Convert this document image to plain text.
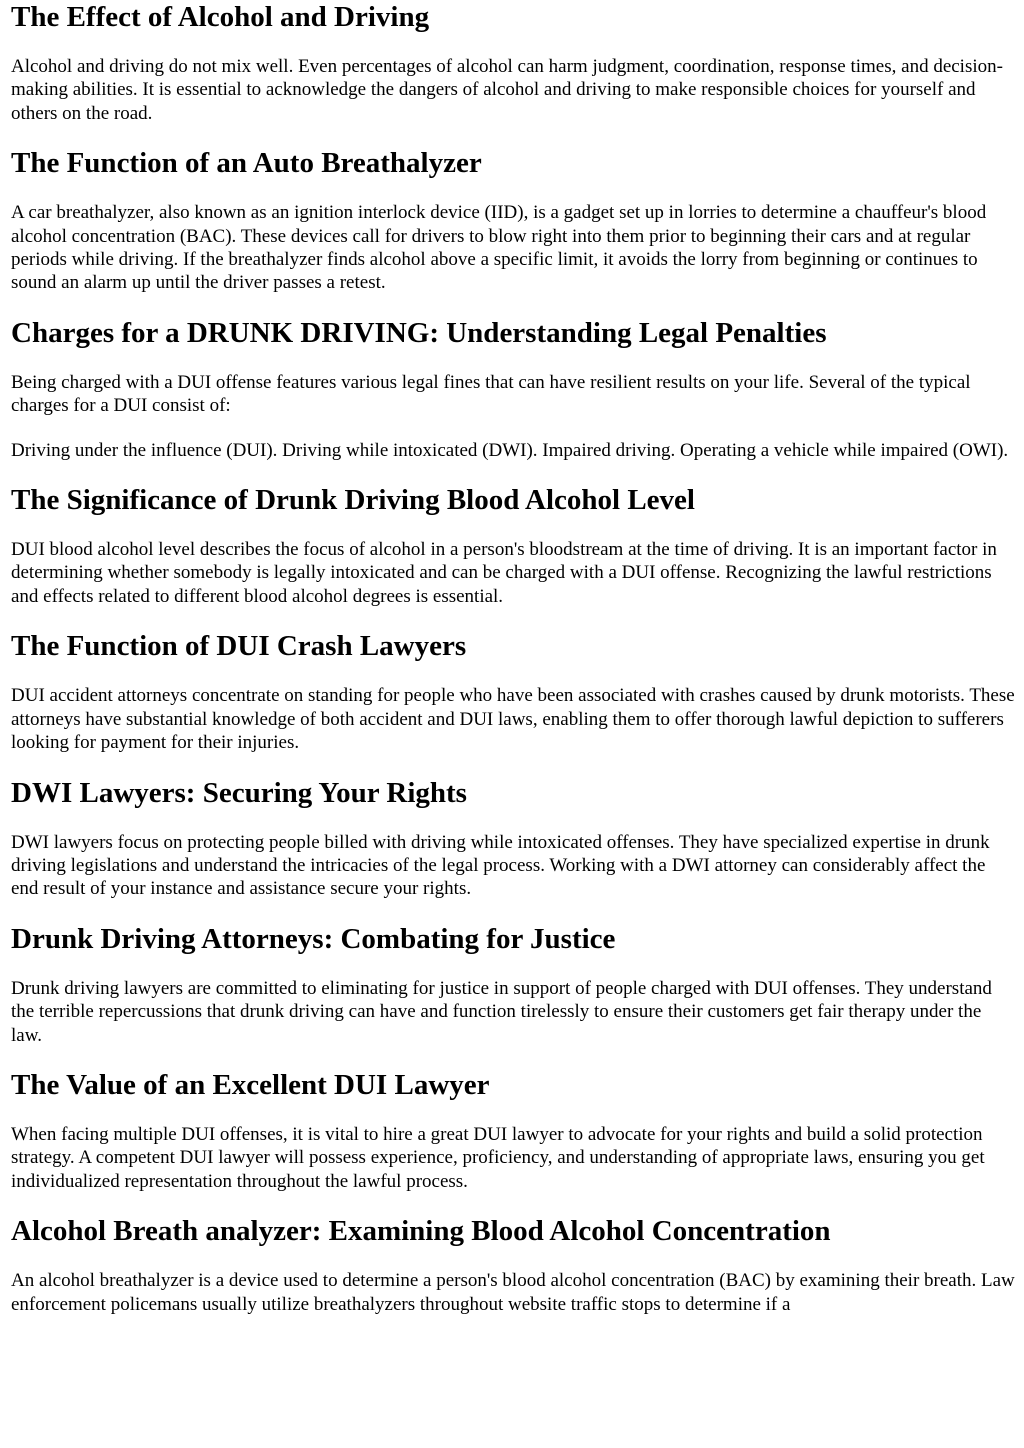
The Effect of Alcohol and Driving

Alcohol and driving do not mix well. Even percentages of alcohol can harm judgment, coordination, response times, and decision-making abilities. It is essential to acknowledge the dangers of alcohol and driving to make responsible choices for yourself and others on the road.

The Function of an Auto Breathalyzer

A car breathalyzer, also known as an ignition interlock device (IID), is a gadget set up in lorries to determine a chauffeur's blood alcohol concentration (BAC). These devices call for drivers to blow right into them prior to beginning their cars and at regular periods while driving. If the breathalyzer finds alcohol above a specific limit, it avoids the lorry from beginning or continues to sound an alarm up until the driver passes a retest.

Charges for a DRUNK DRIVING: Understanding Legal Penalties

Being charged with a DUI offense features various legal fines that can have resilient results on your life. Several of the typical charges for a DUI consist of:

Driving under the influence (DUI). Driving while intoxicated (DWI). Impaired driving. Operating a vehicle while impaired (OWI).

The Significance of Drunk Driving Blood Alcohol Level

DUI blood alcohol level describes the focus of alcohol in a person's bloodstream at the time of driving. It is an important factor in determining whether somebody is legally intoxicated and can be charged with a DUI offense. Recognizing the lawful restrictions and effects related to different blood alcohol degrees is essential.

The Function of DUI Crash Lawyers

DUI accident attorneys concentrate on standing for people who have been associated with crashes caused by drunk motorists. These attorneys have substantial knowledge of both accident and DUI laws, enabling them to offer thorough lawful depiction to sufferers looking for payment for their injuries.

DWI Lawyers: Securing Your Rights

DWI lawyers focus on protecting people billed with driving while intoxicated offenses. They have specialized expertise in drunk driving legislations and understand the intricacies of the legal process. Working with a DWI attorney can considerably affect the end result of your instance and assistance secure your rights.

Drunk Driving Attorneys: Combating for Justice

Drunk driving lawyers are committed to eliminating for justice in support of people charged with DUI offenses. They understand the terrible repercussions that drunk driving can have and function tirelessly to ensure their customers get fair therapy under the law.

The Value of an Excellent DUI Lawyer

When facing multiple DUI offenses, it is vital to hire a great DUI lawyer to advocate for your rights and build a solid protection strategy. A competent DUI lawyer will possess experience, proficiency, and understanding of appropriate laws, ensuring you get individualized representation throughout the lawful process.

Alcohol Breath analyzer: Examining Blood Alcohol Concentration

An alcohol breathalyzer is a device used to determine a person's blood alcohol concentration (BAC) by examining their breath. Law enforcement policemans usually utilize breathalyzers throughout website traffic stops to determine if a
